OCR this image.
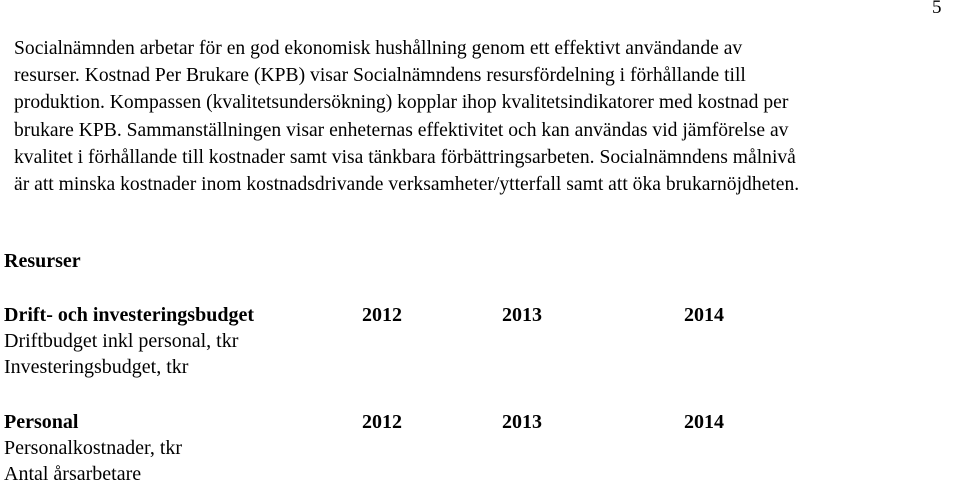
5
Socialnämnden arbetar för en god ekonomisk hushållning genom ett effektivt användande av
resurser. Kostnad Per Brukare (KPB) visar Socialnämndens resursfördelning i förhållande till
produktion. Kompassen (kvalitetsundersökning) kopplar ihop kvalitetsindikatorer med kostnad per
brukare KPB. Sammanställningen visar enheternas effektivitet och kan användas vid jämförelse av
kvalitet i förhållande till kostnader samt visa tänkbara förbättringsarbeten. Socialnämndens målnivå
är att minska kostnader inom kostnadsdrivande verksamheter/ytterfall samt att öka brukarnöjdheten.
Resurser
Drift- och investeringsbudget	2012	2013	2014
Driftbudget inkl personal, tkr
Investeringsbudget, tkr
Personal	2012	2013	2014
Personalkostnader, tkr
Antal årsarbetare
